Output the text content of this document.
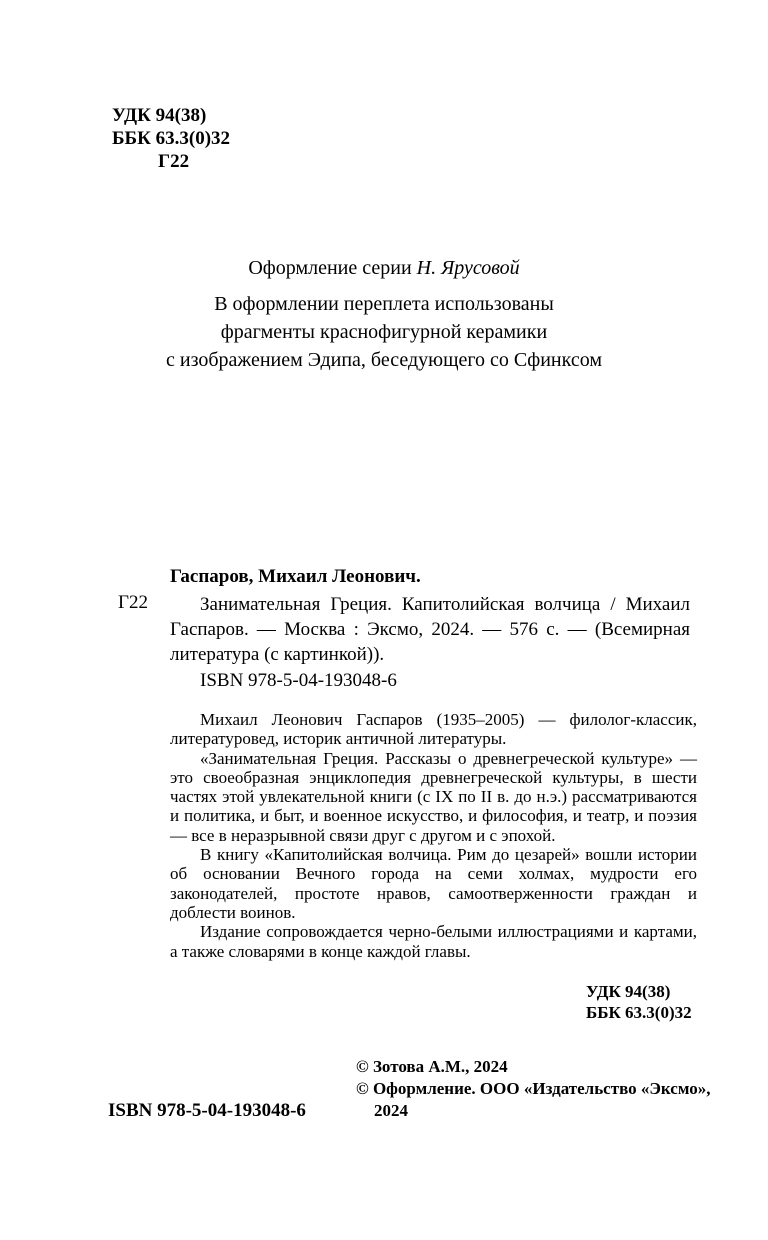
УДК 94(38)
ББК 63.3(0)32
Г22
Оформление серии Н. Ярусовой
В оформлении переплета использованы
фрагменты краснофигурной керамики
с изображением Эдипа, беседующего со Сфинксом
Гаспаров, Михаил Леонович.
Г22	Занимательная Греция. Капитолийская волчица / Михаил Гаспаров. — Москва : Эксмо, 2024. — 576 с. — (Всемирная литература (с картинкой)).
ISBN 978-5-04-193048-6

Михаил Леонович Гаспаров (1935–2005) — филолог-классик, литературовед, историк античной литературы.

«Занимательная Греция. Рассказы о древнегреческой культуре» — это своеобразная энциклопедия древнегреческой культуры, в шести частях этой увлекательной книги (с IX по II в. до н.э.) рассматриваются и политика, и быт, и военное искусство, и философия, и театр, и поэзия — все в неразрывной связи друг с другом и с эпохой.

В книгу «Капитолийская волчица. Рим до цезарей» вошли истории об основании Вечного города на семи холмах, мудрости его законодателей, простоте нравов, самоотверженности граждан и доблести воинов.

Издание сопровождается черно-белыми иллюстрациями и картами, а также словарями в конце каждой главы.

УДК 94(38)
ББК 63.3(0)32
© Зотова А.М., 2024
© Оформление. ООО «Издательство «Эксмо»,
2024
ISBN 978-5-04-193048-6
